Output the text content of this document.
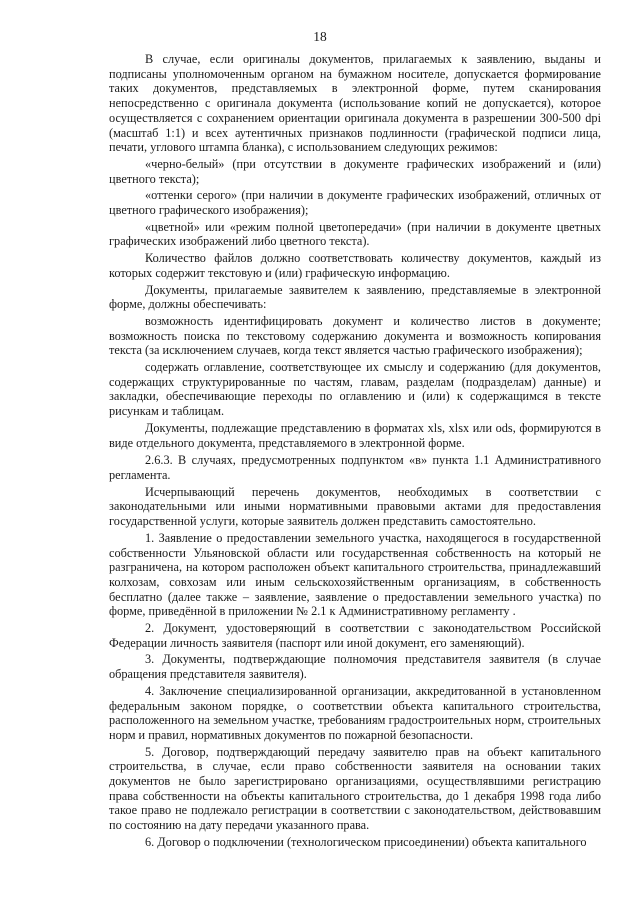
18

В случае, если оригиналы документов, прилагаемых к заявлению, выданы и подписаны уполномоченным органом на бумажном носителе, допускается формирование таких документов, представляемых в электронной форме, путем сканирования непосредственно с оригинала документа (использование копий не допускается), которое осуществляется с сохранением ориентации оригинала документа в разрешении 300-500 dpi (масштаб 1:1) и всех аутентичных признаков подлинности (графической подписи лица, печати, углового штампа бланка), с использованием следующих режимов:

«черно-белый» (при отсутствии в документе графических изображений и (или) цветного текста);

«оттенки серого» (при наличии в документе графических изображений, отличных от цветного графического изображения);

«цветной» или «режим полной цветопередачи» (при наличии в документе цветных графических изображений либо цветного текста).

Количество файлов должно соответствовать количеству документов, каждый из которых содержит текстовую и (или) графическую информацию.

Документы, прилагаемые заявителем к заявлению, представляемые в электронной форме, должны обеспечивать:

возможность идентифицировать документ и количество листов в документе; возможность поиска по текстовому содержанию документа и возможность копирования текста (за исключением случаев, когда текст является частью графического изображения);

содержать оглавление, соответствующее их смыслу и содержанию (для документов, содержащих структурированные по частям, главам, разделам (подразделам) данные) и закладки, обеспечивающие переходы по оглавлению и (или) к содержащимся в тексте рисункам и таблицам.

Документы, подлежащие представлению в форматах xls, xlsx или ods, формируются в виде отдельного документа, представляемого в электронной форме.

2.6.3. В случаях, предусмотренных подпунктом «в» пункта 1.1 Административного регламента.

Исчерпывающий перечень документов, необходимых в соответствии с законодательными или иными нормативными правовыми актами для предоставления государственной услуги, которые заявитель должен представить самостоятельно.

1. Заявление о предоставлении земельного участка, находящегося в государственной собственности Ульяновской области или государственная собственность на который не разграничена, на котором расположен объект капитального строительства, принадлежавший колхозам, совхозам или иным сельскохозяйственным организациям, в собственность бесплатно (далее также – заявление, заявление о предоставлении земельного участка) по форме, приведённой в приложении № 2.1 к Административному регламенту .

2. Документ, удостоверяющий в соответствии с законодательством Российской Федерации личность заявителя (паспорт или иной документ, его заменяющий).

3. Документы, подтверждающие полномочия представителя заявителя (в случае обращения представителя заявителя).

4. Заключение специализированной организации, аккредитованной в установленном федеральным законом порядке, о соответствии объекта капитального строительства, расположенного на земельном участке, требованиям градостроительных норм, строительных норм и правил, нормативных документов по пожарной безопасности.

5. Договор, подтверждающий передачу заявителю прав на объект капитального строительства, в случае, если право собственности заявителя на основании таких документов не было зарегистрировано организациями, осуществлявшими регистрацию права собственности на объекты капитального строительства, до 1 декабря 1998 года либо такое право не подлежало регистрации в соответствии с законодательством, действовавшим по состоянию на дату передачи указанного права.

6. Договор о подключении (технологическом присоединении) объекта капитального
